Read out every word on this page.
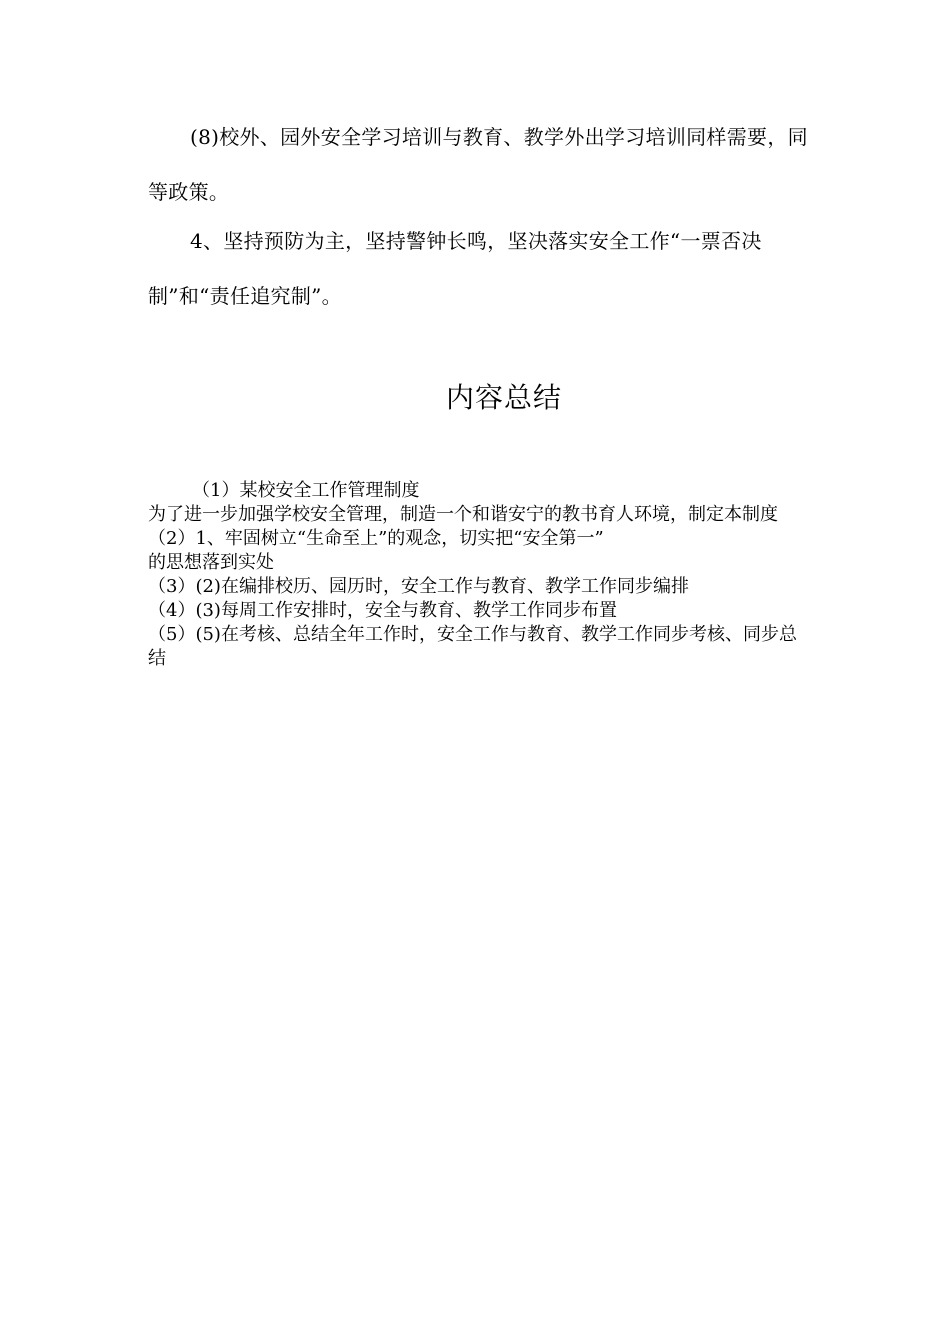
(8)校外、园外安全学习培训与教育、教学外出学习培训同样需要，同等政策。

4、坚持预防为主，坚持警钟长鸣，坚决落实安全工作“一票否决制”和“责任追究制”。

内容总结
（1）某校安全工作管理制度
为了进一步加强学校安全管理，制造一个和谐安宁的教书育人环境，制定本制度
（2）1、牢固树立“生命至上”的观念，切实把“安全第一”
的思想落到实处
（3）(2)在编排校历、园历时，安全工作与教育、教学工作同步编排
（4）(3)每周工作安排时，安全与教育、教学工作同步布置
（5）(5)在考核、总结全年工作时，安全工作与教育、教学工作同步考核、同步总结
